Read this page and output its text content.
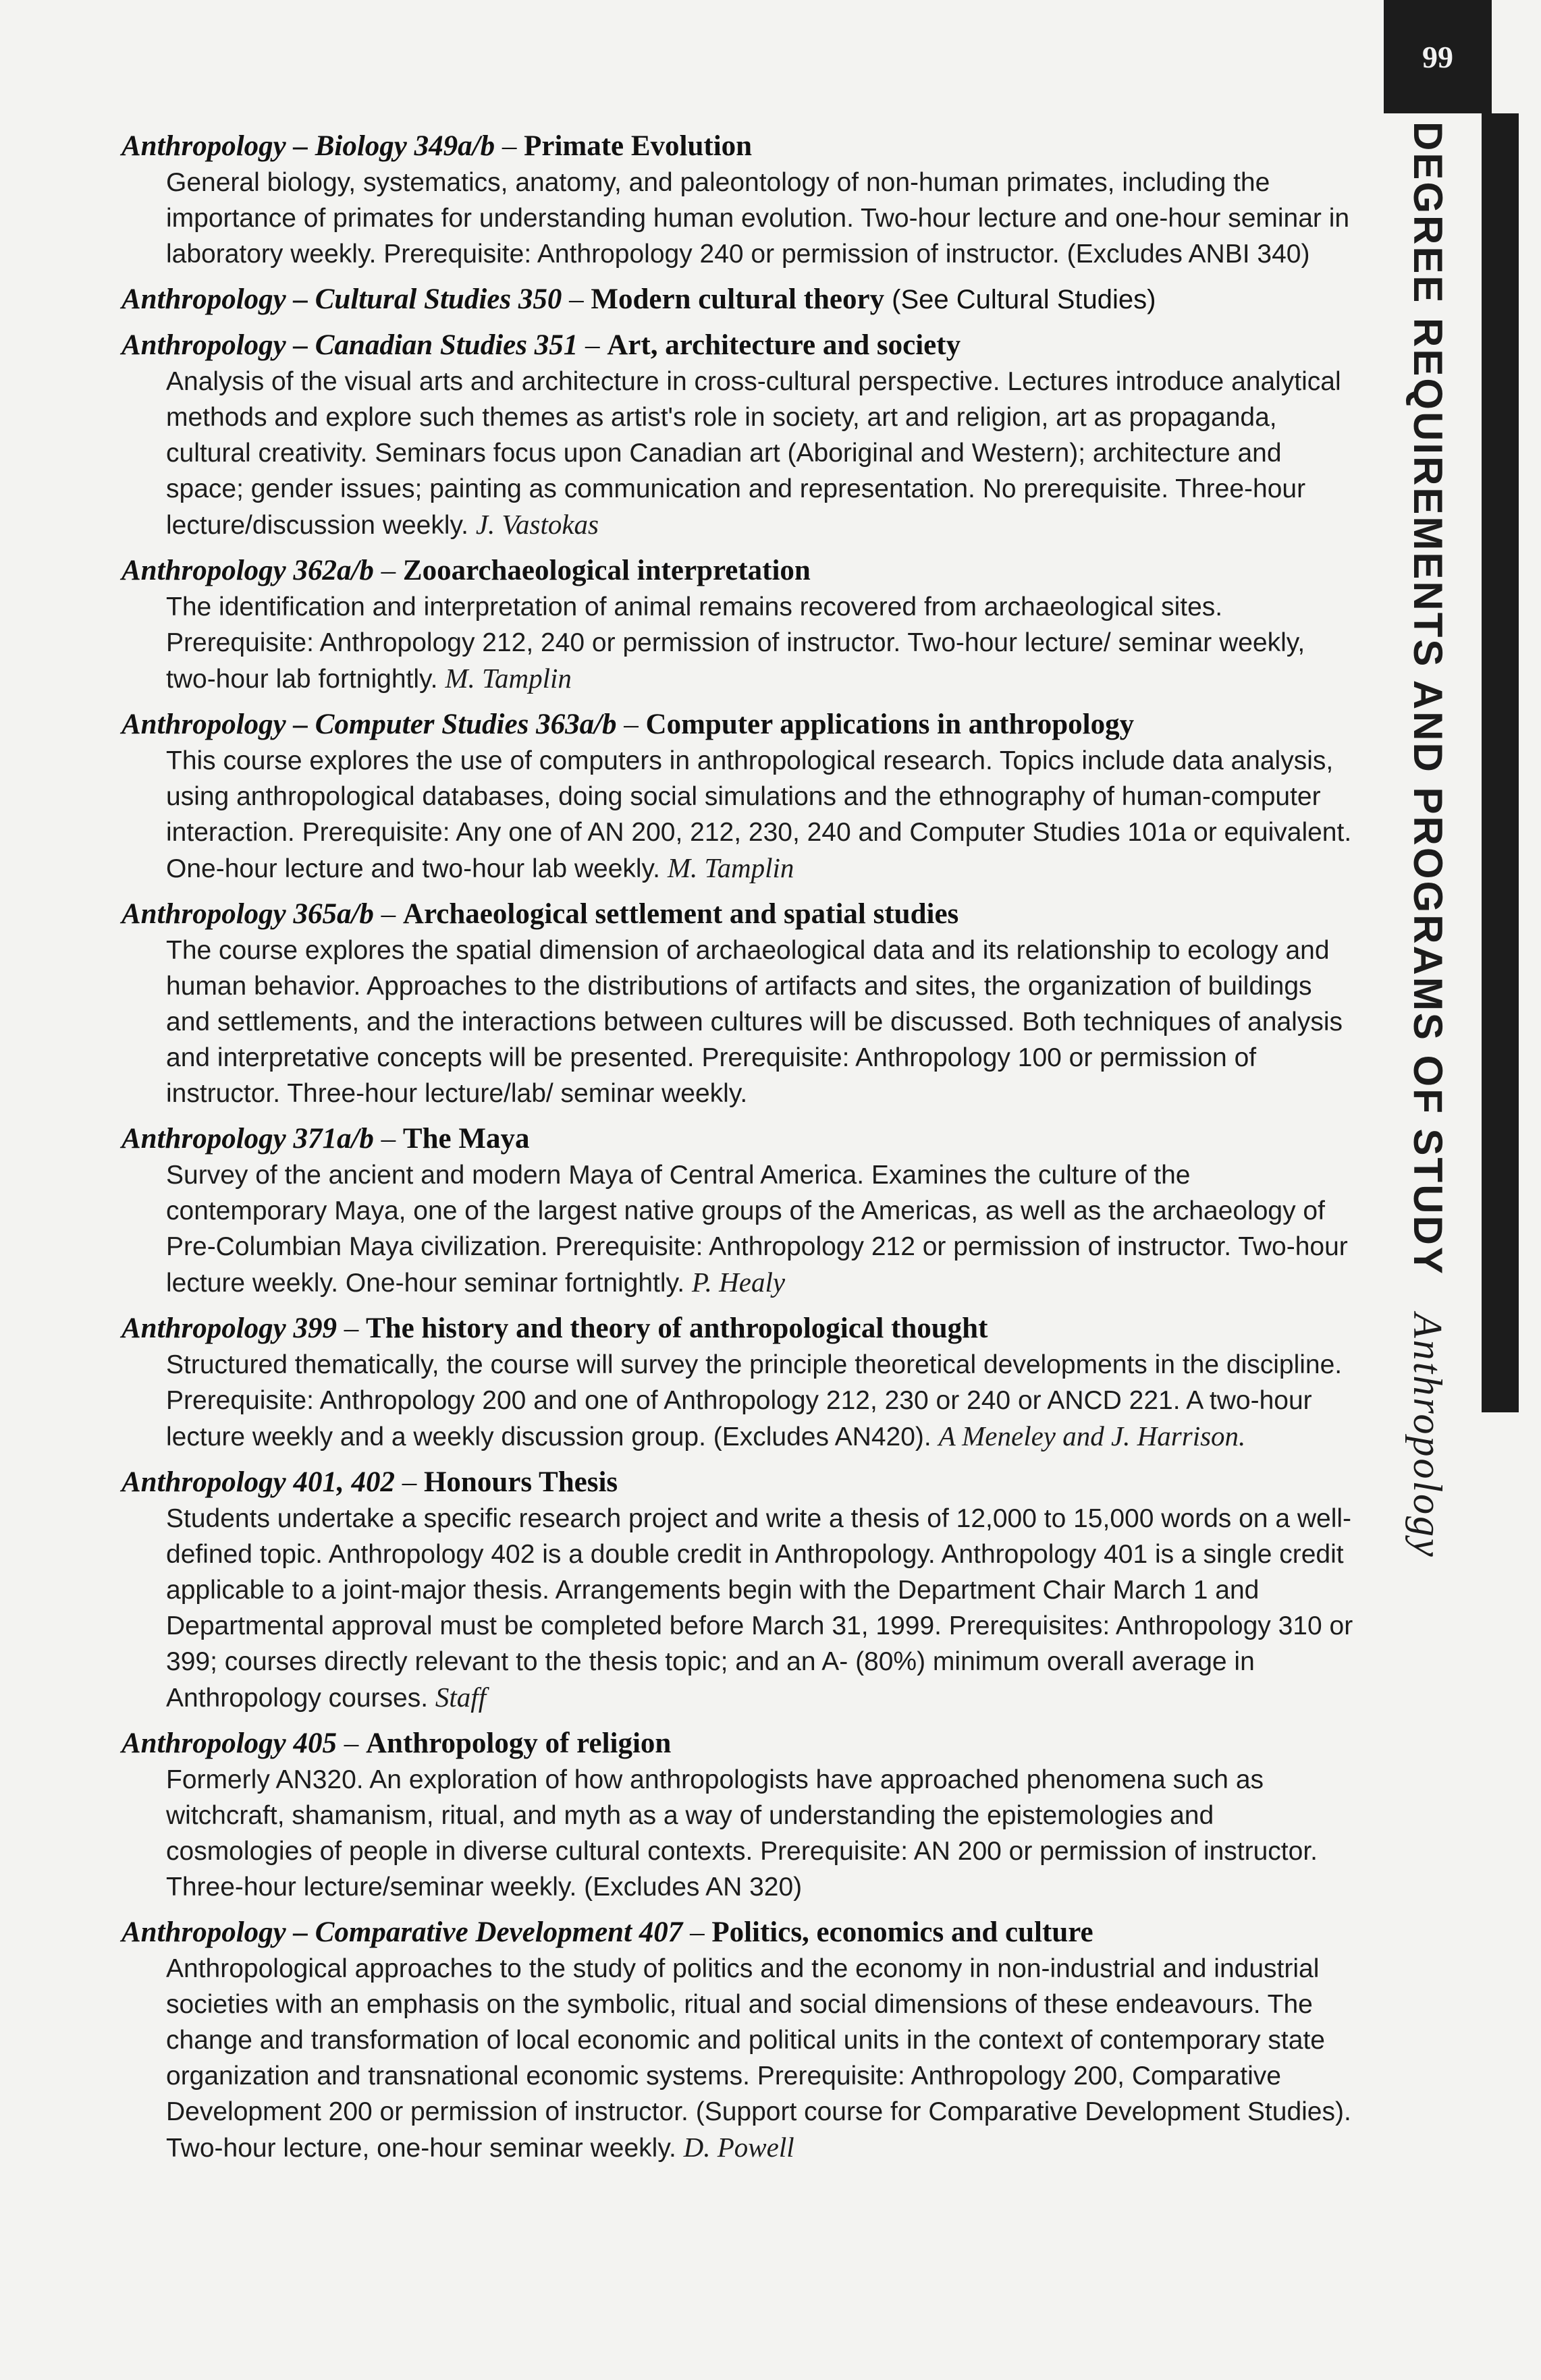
99
DEGREE REQUIREMENTS AND PROGRAMS OF STUDYAnthropology
Anthropology – Biology 349a/b – Primate Evolution
General biology, systematics, anatomy, and paleontology of non-human primates, including the importance of primates for understanding human evolution. Two-hour lecture and one-hour seminar in laboratory weekly. Prerequisite: Anthropology 240 or permission of instructor. (Excludes ANBI 340)
Anthropology – Cultural Studies 350 – Modern cultural theory (See Cultural Studies)
Anthropology – Canadian Studies 351 – Art, architecture and society
Analysis of the visual arts and architecture in cross-cultural perspective. Lectures introduce analytical methods and explore such themes as artist's role in society, art and religion, art as propaganda, cultural creativity. Seminars focus upon Canadian art (Aboriginal and Western); architecture and space; gender issues; painting as communication and representation. No prerequisite. Three-hour lecture/discussion weekly. J. Vastokas
Anthropology 362a/b – Zooarchaeological interpretation
The identification and interpretation of animal remains recovered from archaeological sites. Prerequisite: Anthropology 212, 240 or permission of instructor. Two-hour lecture/ seminar weekly, two-hour lab fortnightly. M. Tamplin
Anthropology – Computer Studies 363a/b – Computer applications in anthropology
This course explores the use of computers in anthropological research. Topics include data analysis, using anthropological databases, doing social simulations and the ethnography of human-computer interaction. Prerequisite: Any one of AN 200, 212, 230, 240 and Computer Studies 101a or equivalent. One-hour lecture and two-hour lab weekly. M. Tamplin
Anthropology 365a/b – Archaeological settlement and spatial studies
The course explores the spatial dimension of archaeological data and its relationship to ecology and human behavior. Approaches to the distributions of artifacts and sites, the organization of buildings and settlements, and the interactions between cultures will be discussed. Both techniques of analysis and interpretative concepts will be presented. Prerequisite: Anthropology 100 or permission of instructor. Three-hour lecture/lab/ seminar weekly.
Anthropology 371a/b – The Maya
Survey of the ancient and modern Maya of Central America. Examines the culture of the contemporary Maya, one of the largest native groups of the Americas, as well as the archaeology of Pre-Columbian Maya civilization. Prerequisite: Anthropology 212 or permission of instructor. Two-hour lecture weekly. One-hour seminar fortnightly. P. Healy
Anthropology 399 – The history and theory of anthropological thought
Structured thematically, the course will survey the principle theoretical developments in the discipline. Prerequisite: Anthropology 200 and one of Anthropology 212, 230 or 240 or ANCD 221. A two-hour lecture weekly and a weekly discussion group. (Excludes AN420). A Meneley and J. Harrison.
Anthropology 401, 402 – Honours Thesis
Students undertake a specific research project and write a thesis of 12,000 to 15,000 words on a well-defined topic. Anthropology 402 is a double credit in Anthropology. Anthropology 401 is a single credit applicable to a joint-major thesis. Arrangements begin with the Department Chair March 1 and Departmental approval must be completed before March 31, 1999. Prerequisites: Anthropology 310 or 399; courses directly relevant to the thesis topic; and an A- (80%) minimum overall average in Anthropology courses. Staff
Anthropology 405 – Anthropology of religion
Formerly AN320. An exploration of how anthropologists have approached phenomena such as witchcraft, shamanism, ritual, and myth as a way of understanding the epistemologies and cosmologies of people in diverse cultural contexts. Prerequisite: AN 200 or permission of instructor. Three-hour lecture/seminar weekly. (Excludes AN 320)
Anthropology – Comparative Development 407 – Politics, economics and culture
Anthropological approaches to the study of politics and the economy in non-industrial and industrial societies with an emphasis on the symbolic, ritual and social dimensions of these endeavours. The change and transformation of local economic and political units in the context of contemporary state organization and transnational economic systems. Prerequisite: Anthropology 200, Comparative Development 200 or permission of instructor. (Support course for Comparative Development Studies). Two-hour lecture, one-hour seminar weekly. D. Powell
